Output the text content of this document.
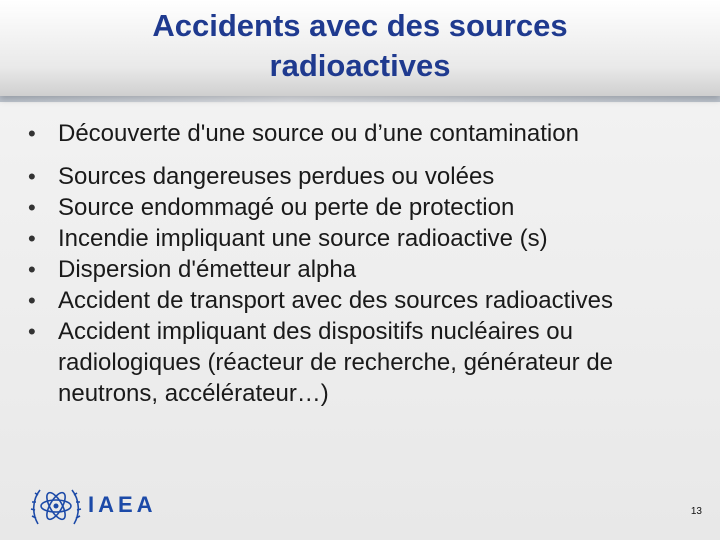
Accidents avec des sources radioactives
• Découverte d'une source ou d’une contamination
• Sources dangereuses perdues ou volées
• Source endommagé ou perte de protection
• Incendie impliquant une source radioactive (s)
• Dispersion d'émetteur alpha
• Accident de transport avec des sources radioactives
• Accident impliquant des dispositifs nucléaires ou radiologiques (réacteur de recherche, générateur de neutrons, accélérateur…)
IAEA	13
